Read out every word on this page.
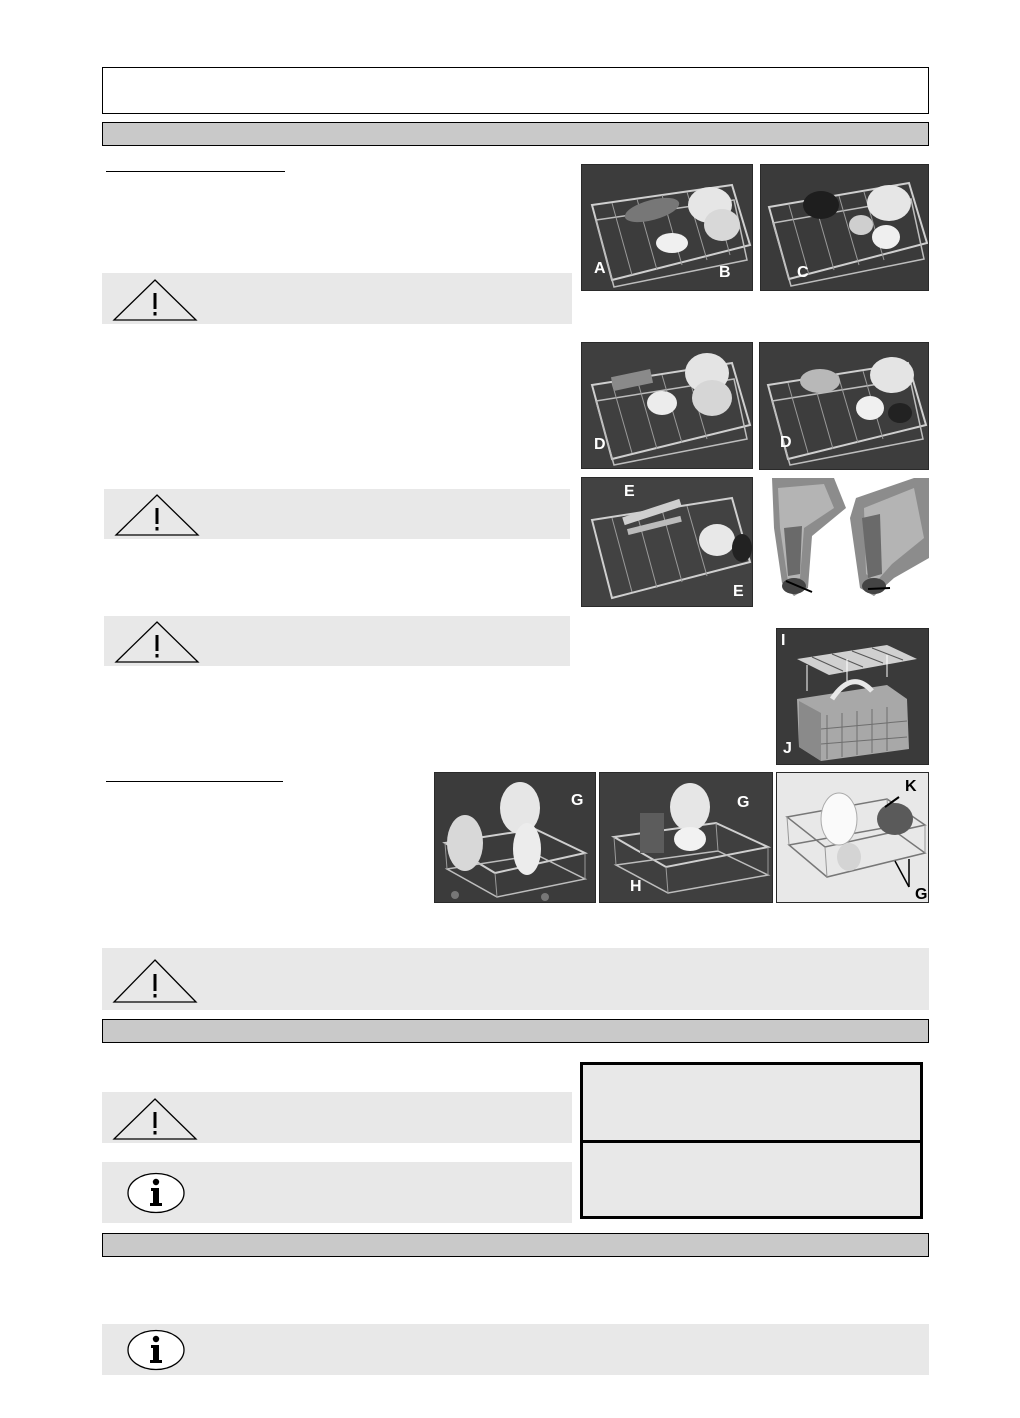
A	B	C
D	D
E
E
I
J
G	G
H
K
G
